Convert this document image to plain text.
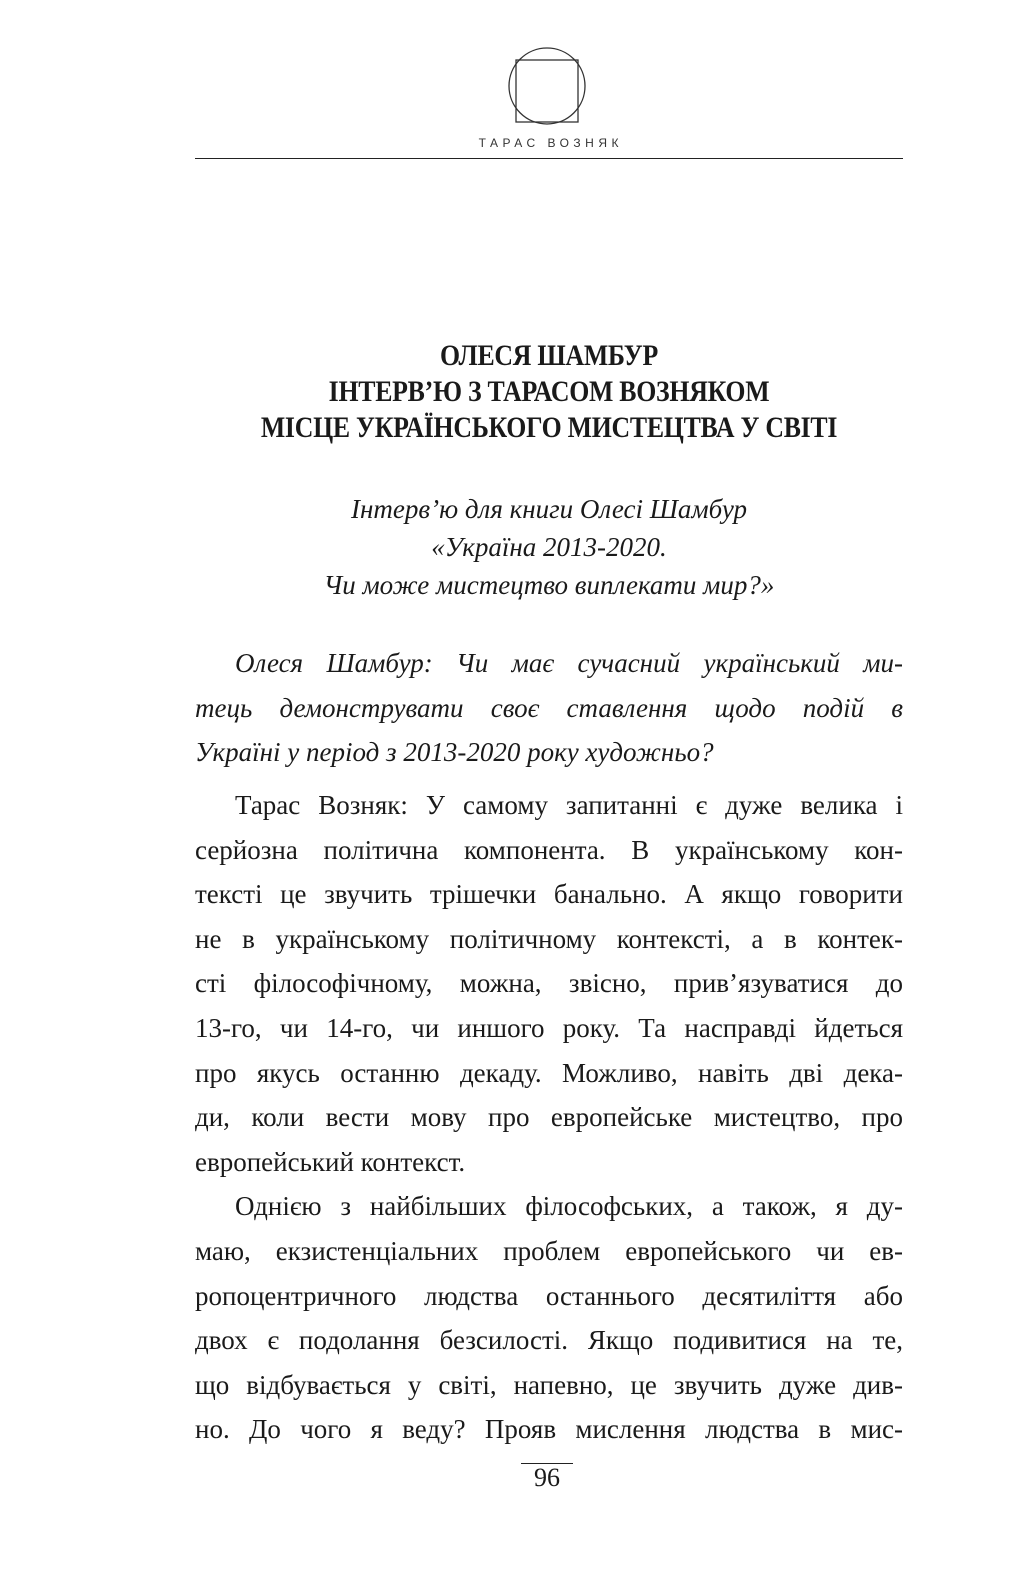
ТАРАС ВОЗНЯК
ОЛЕСЯ ШАМБУР
ІНТЕРВ’Ю З ТАРАСОМ ВОЗНЯКОМ
МІСЦЕ УКРАЇНСЬКОГО МИСТЕЦТВА У СВІТІ
Інтерв’ю для книги Олесі Шамбур
«Україна 2013-2020.
Чи може мистецтво виплекати мир?»
Олеся Шамбур: Чи має сучасний український ми-
тець демонструвати своє ставлення щодо подій в
Україні у період з 2013-2020 року художньо?
Тарас Возняк: У самому запитанні є дуже велика і
серйозна політична компонента. В українському кон-
тексті це звучить трішечки банально. А якщо говорити
не в українському політичному контексті, а в контек-
сті філософічному, можна, звісно, прив’язуватися до
13-го, чи 14-го, чи иншого року. Та насправді йдеться
про якусь останню декаду. Можливо, навіть дві дека-
ди, коли вести мову про европейське мистецтво, про
европейський контекст.
Однією з найбільших філософських, а також, я ду-
маю, екзистенціальних проблем европейського чи ев-
ропоцентричного людства останнього десятиліття або
двох є подолання безсилості. Якщо подивитися на те,
що відбувається у світі, напевно, це звучить дуже див-
но. До чого я веду? Прояв мислення людства в мис-
96
